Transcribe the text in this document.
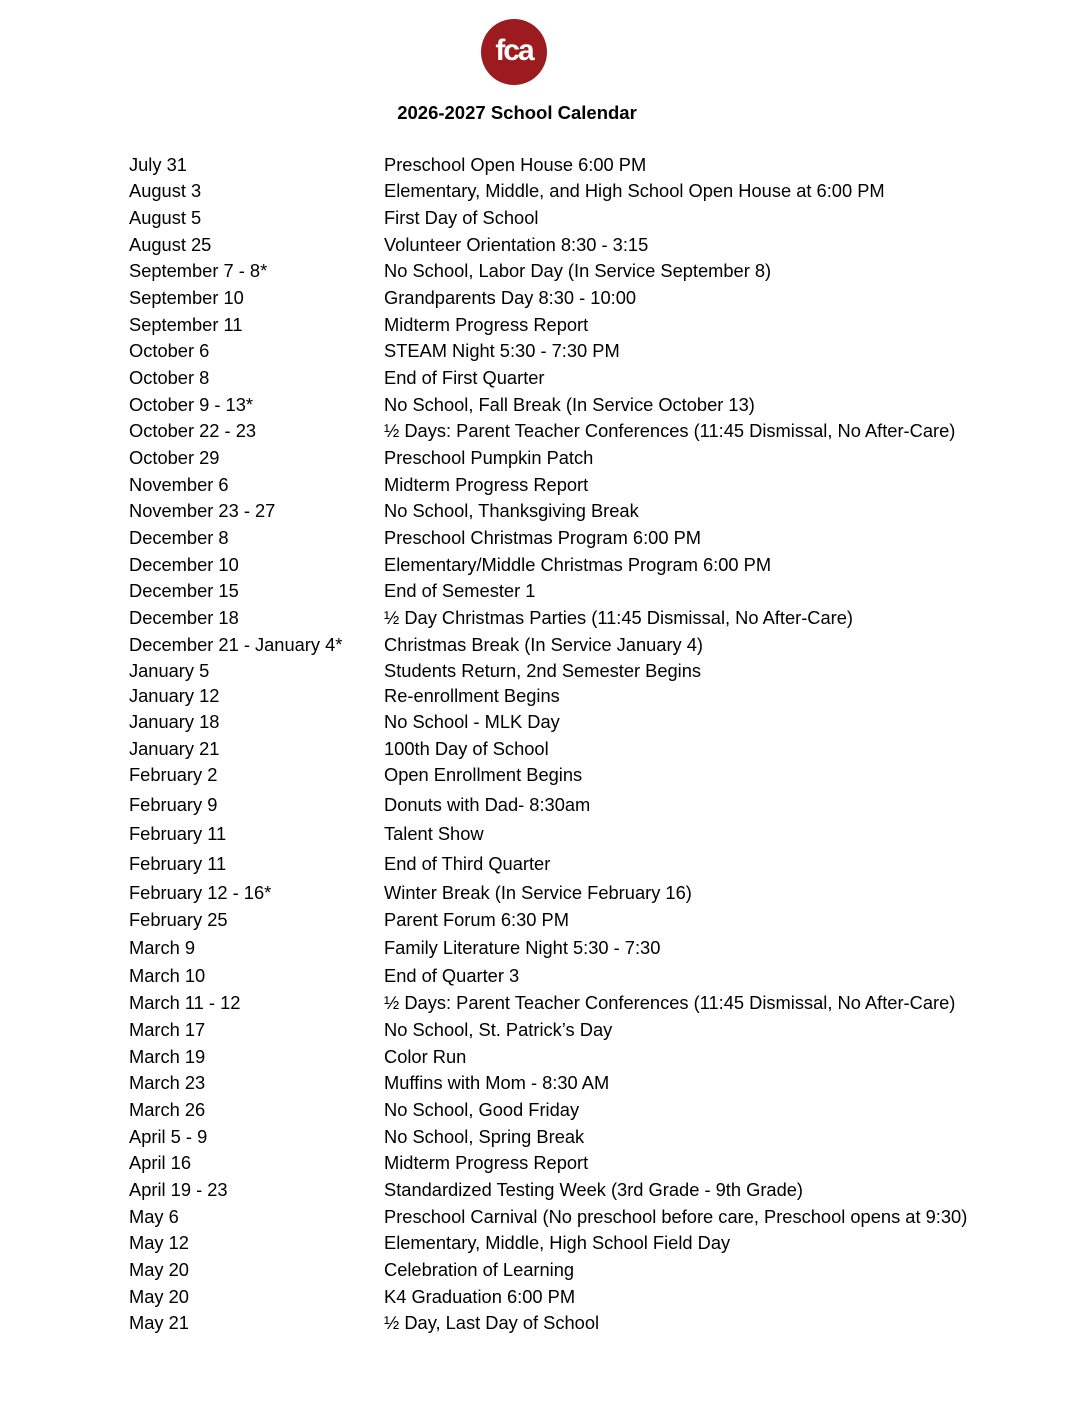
fca
2026-2027 School Calendar
July 31	Preschool Open House 6:00 PM
August 3	Elementary, Middle, and High School Open House at 6:00 PM
August 5	First Day of School
August 25	Volunteer Orientation 8:30 - 3:15
September 7 - 8*	No School, Labor Day (In Service September 8)
September 10	Grandparents Day 8:30 - 10:00
September 11	Midterm Progress Report
October 6	STEAM Night 5:30 - 7:30 PM
October 8	End of First Quarter
October 9 - 13*	No School, Fall Break (In Service October 13)
October 22 - 23	½ Days: Parent Teacher Conferences (11:45 Dismissal, No After-Care)
October 29	Preschool Pumpkin Patch
November 6	Midterm Progress Report
November 23 - 27	No School, Thanksgiving Break
December 8	Preschool Christmas Program 6:00 PM
December 10	Elementary/Middle Christmas Program 6:00 PM
December 15	End of Semester 1
December 18	½ Day Christmas Parties (11:45 Dismissal, No After-Care)
December 21 - January 4* Christmas Break (In Service January 4)
January 5	Students Return, 2nd Semester Begins
January 12	Re-enrollment Begins
January 18	No School - MLK Day
January 21	100th Day of School
February 2	Open Enrollment Begins
February 9	Donuts with Dad- 8:30am
February 11	Talent Show
February 11	End of Third Quarter
February 12 - 16*	Winter Break (In Service February 16)
February 25	Parent Forum 6:30 PM
March 9	Family Literature Night 5:30 - 7:30
March 10	End of Quarter 3
March 11 - 12	½ Days: Parent Teacher Conferences (11:45 Dismissal, No After-Care)
March 17	No School, St. Patrick’s Day
March 19	Color Run
March 23	Muffins with Mom - 8:30 AM
March 26	No School, Good Friday
April 5 - 9	No School, Spring Break
April 16	Midterm Progress Report
April 19 - 23	Standardized Testing Week (3rd Grade - 9th Grade)
May 6	Preschool Carnival (No preschool before care, Preschool opens at 9:30)
May 12	Elementary, Middle, High School Field Day
May 20	Celebration of Learning
May 20	K4 Graduation 6:00 PM
May 21	½ Day, Last Day of School
